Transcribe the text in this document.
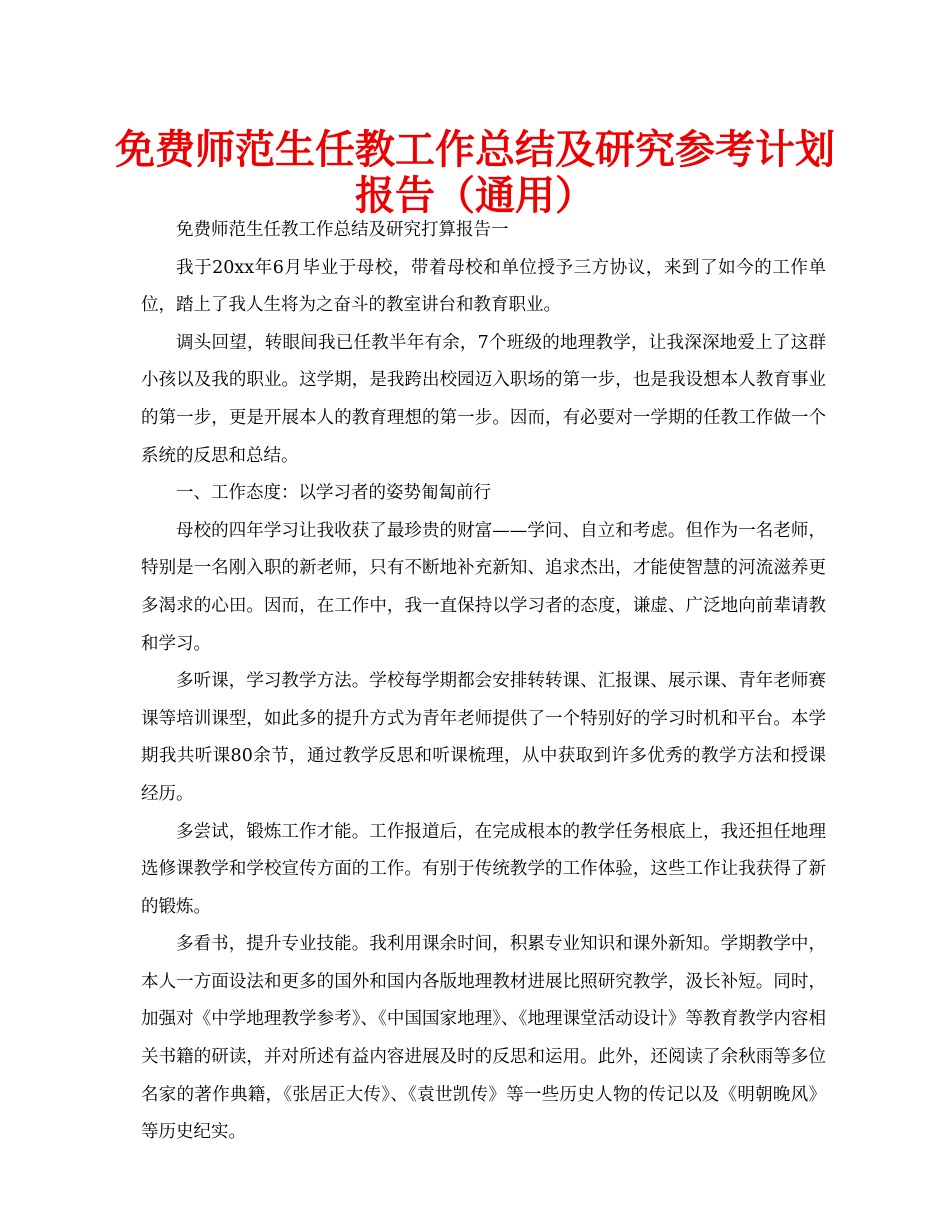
免费师范生任教工作总结及研究参考计划
报告（通用）

免费师范生任教工作总结及研究打算报告一

我于20xx年6月毕业于母校，带着母校和单位授予三方协议，来到了如今的工作单位，踏上了我人生将为之奋斗的教室讲台和教育职业。

调头回望，转眼间我已任教半年有余，7个班级的地理教学，让我深深地爱上了这群小孩以及我的职业。这学期，是我跨出校园迈入职场的第一步，也是我设想本人教育事业的第一步，更是开展本人的教育理想的第一步。因而，有必要对一学期的任教工作做一个系统的反思和总结。

一、工作态度：以学习者的姿势匍匐前行

母校的四年学习让我收获了最珍贵的财富——学问、自立和考虑。但作为一名老师，特别是一名刚入职的新老师，只有不断地补充新知、追求杰出，才能使智慧的河流滋养更多渴求的心田。因而，在工作中，我一直保持以学习者的态度，谦虚、广泛地向前辈请教和学习。

多听课，学习教学方法。学校每学期都会安排转转课、汇报课、展示课、青年老师赛课等培训课型，如此多的提升方式为青年老师提供了一个特别好的学习时机和平台。本学期我共听课80余节，通过教学反思和听课梳理，从中获取到许多优秀的教学方法和授课经历。

多尝试，锻炼工作才能。工作报道后，在完成根本的教学任务根底上，我还担任地理选修课教学和学校宣传方面的工作。有别于传统教学的工作体验，这些工作让我获得了新的锻炼。

多看书，提升专业技能。我利用课余时间，积累专业知识和课外新知。学期教学中，本人一方面设法和更多的国外和国内各版地理教材进展比照研究教学，汲长补短。同时，加强对《中学地理教学参考》、《中国国家地理》、《地理课堂活动设计》等教育教学内容相关书籍的研读，并对所述有益内容进展及时的反思和运用。此外，还阅读了余秋雨等多位名家的著作典籍，《张居正大传》、《袁世凯传》等一些历史人物的传记以及《明朝晚风》等历史纪实。
